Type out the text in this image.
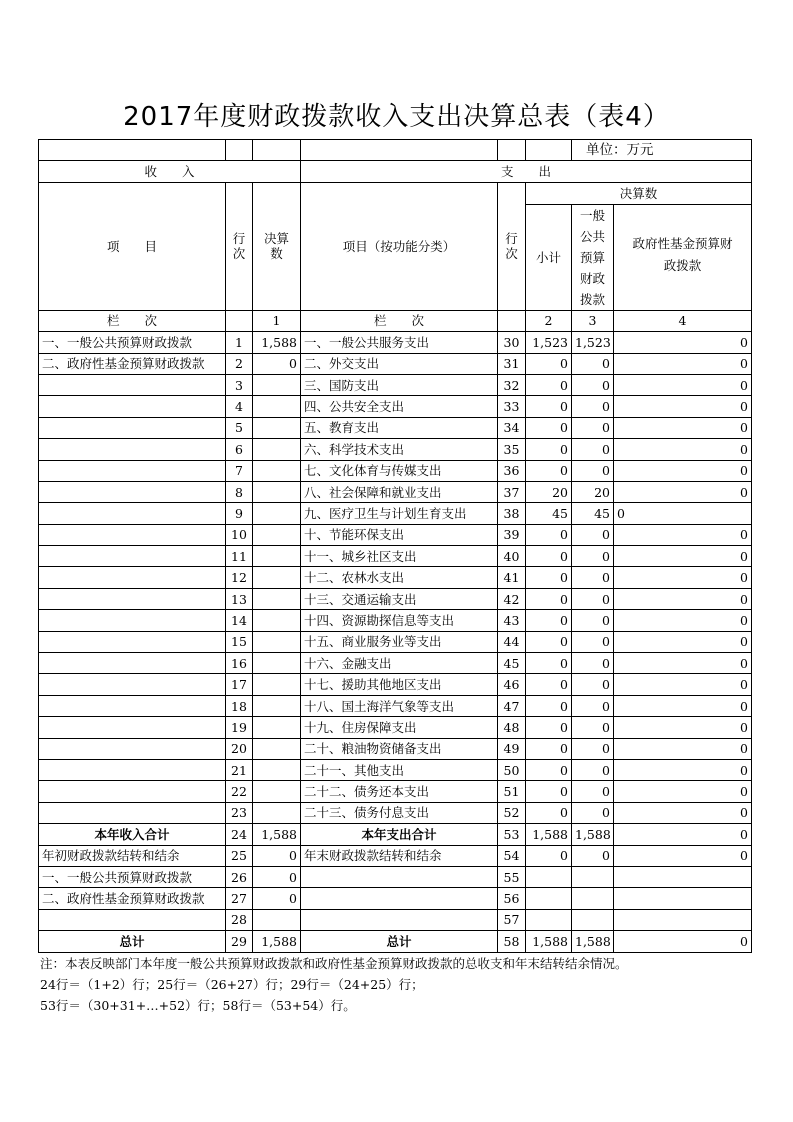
2017年度财政拨款收入支出决算总表（表4）
						单位：万元	
收　　入			支　　出				
项　　目	行次	决算数	项目（按功能分类）	行次	决算数		
					小计	一般公共预算财政拨款	政府性基金预算财政拨款
栏　　次		1	栏　　次		2	3	4
一、一般公共预算财政拨款	1	1,588	一、一般公共服务支出	30	1,523	1,523	0
二、政府性基金预算财政拨款	2	0	二、外交支出	31	0	0	0
	3		三、国防支出	32	0	0	0
	4		四、公共安全支出	33	0	0	0
	5		五、教育支出	34	0	0	0
	6		六、科学技术支出	35	0	0	0
	7		七、文化体育与传媒支出	36	0	0	0
	8		八、社会保障和就业支出	37	20	20	0
	9		九、医疗卫生与计划生育支出	38	45	45	0
	10		十、节能环保支出	39	0	0	0
	11		十一、城乡社区支出	40	0	0	0
	12		十二、农林水支出	41	0	0	0
	13		十三、交通运输支出	42	0	0	0
	14		十四、资源勘探信息等支出	43	0	0	0
	15		十五、商业服务业等支出	44	0	0	0
	16		十六、金融支出	45	0	0	0
	17		十七、援助其他地区支出	46	0	0	0
	18		十八、国土海洋气象等支出	47	0	0	0
	19		十九、住房保障支出	48	0	0	0
	20		二十、粮油物资储备支出	49	0	0	0
	21		二十一、其他支出	50	0	0	0
	22		二十二、债务还本支出	51	0	0	0
	23		二十三、债务付息支出	52	0	0	0
本年收入合计	24	1,588	本年支出合计	53	1,588	1,588	0
年初财政拨款结转和结余	25	0	年末财政拨款结转和结余	54	0	0	0
一、一般公共预算财政拨款	26	0		55			
二、政府性基金预算财政拨款	27	0		56			
	28			57			
总计	29	1,588	总计	58	1,588	1,588	0
注：本表反映部门本年度一般公共预算财政拨款和政府性基金预算财政拨款的总收支和年末结转结余情况。
24行＝（1+2）行；25行＝（26+27）行；29行＝（24+25）行；
53行＝（30+31+…+52）行；58行＝（53+54）行。
